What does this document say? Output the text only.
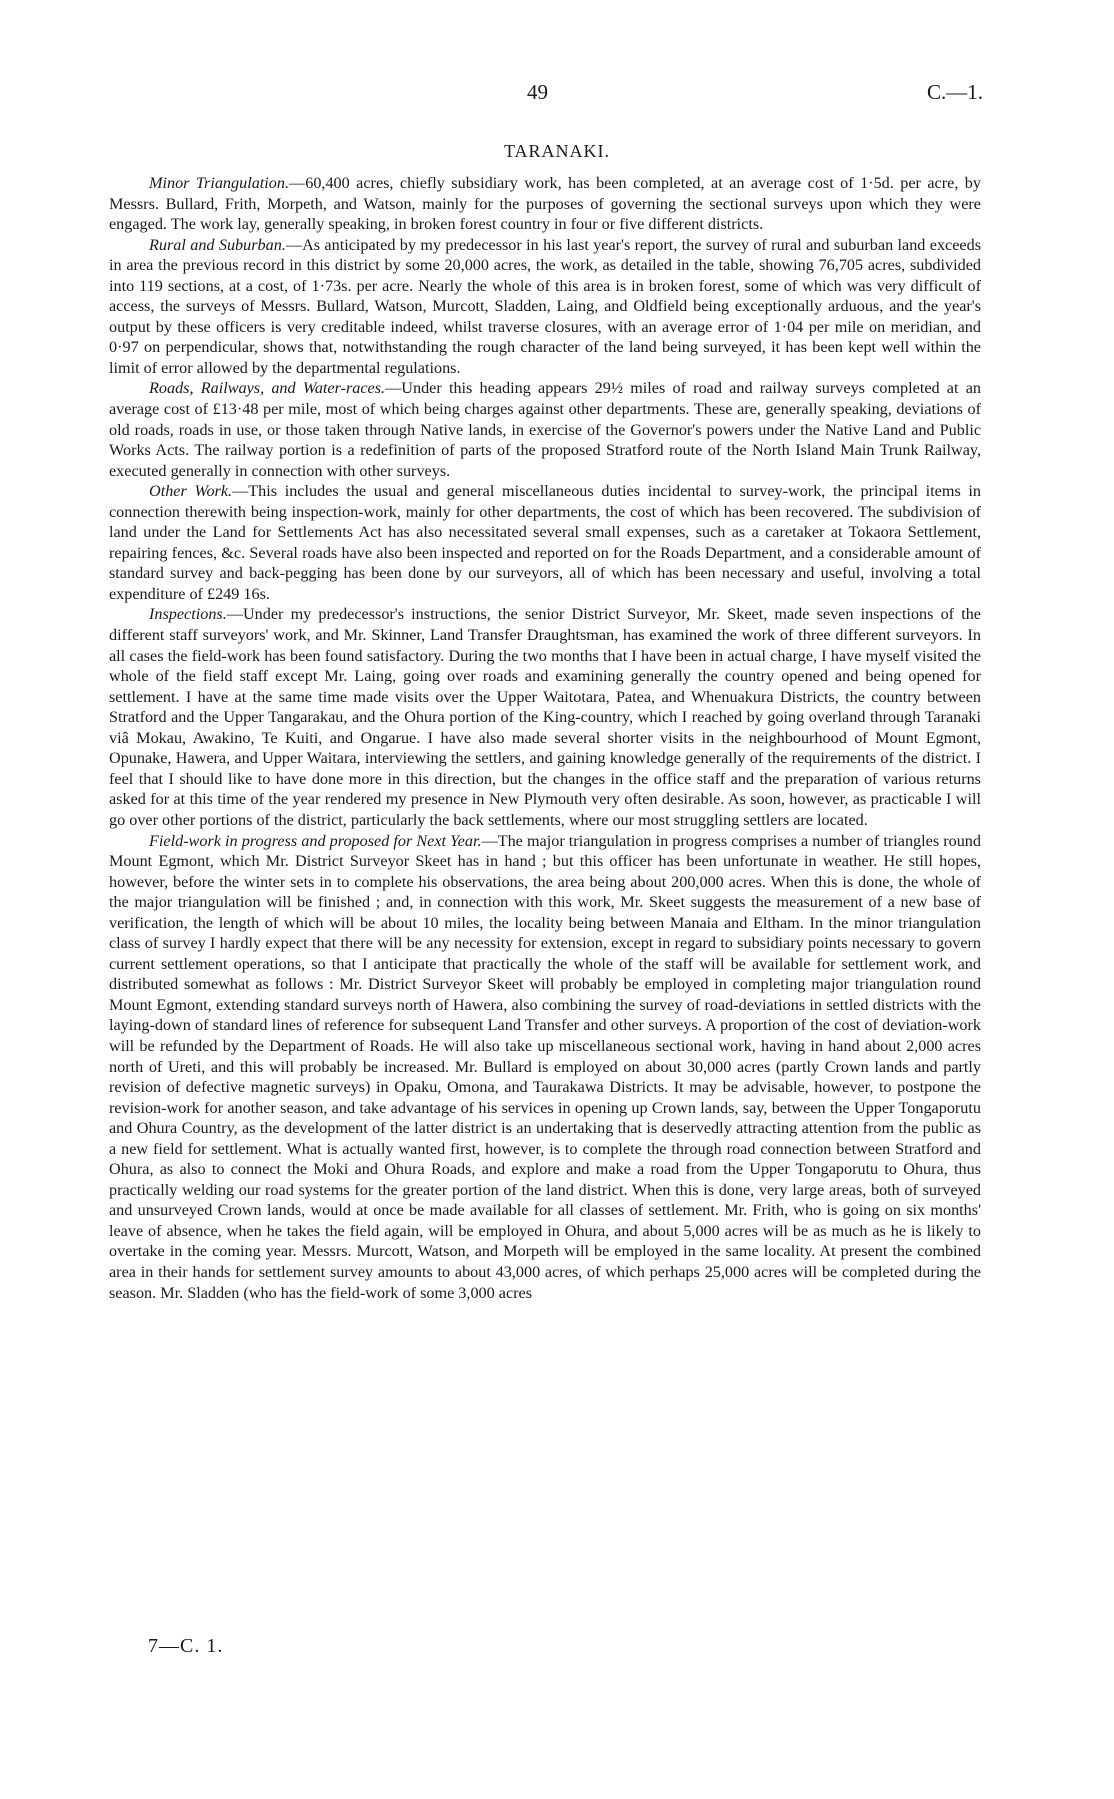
49	C.—1.
TARANAKI.

Minor Triangulation.—60,400 acres, chiefly subsidiary work, has been completed, at an average cost of 1·5d. per acre, by Messrs. Bullard, Frith, Morpeth, and Watson, mainly for the purposes of governing the sectional surveys upon which they were engaged. The work lay, generally speaking, in broken forest country in four or five different districts.

Rural and Suburban.—As anticipated by my predecessor in his last year's report, the survey of rural and suburban land exceeds in area the previous record in this district by some 20,000 acres, the work, as detailed in the table, showing 76,705 acres, subdivided into 119 sections, at a cost, of 1·73s. per acre. Nearly the whole of this area is in broken forest, some of which was very difficult of access, the surveys of Messrs. Bullard, Watson, Murcott, Sladden, Laing, and Oldfield being exceptionally arduous, and the year's output by these officers is very creditable indeed, whilst traverse closures, with an average error of 1·04 per mile on meridian, and 0·97 on perpendicular, shows that, notwithstanding the rough character of the land being surveyed, it has been kept well within the limit of error allowed by the departmental regulations.

Roads, Railways, and Water-races.—Under this heading appears 29½ miles of road and railway surveys completed at an average cost of £13·48 per mile, most of which being charges against other departments. These are, generally speaking, deviations of old roads, roads in use, or those taken through Native lands, in exercise of the Governor's powers under the Native Land and Public Works Acts. The railway portion is a redefinition of parts of the proposed Stratford route of the North Island Main Trunk Railway, executed generally in connection with other surveys.

Other Work.—This includes the usual and general miscellaneous duties incidental to survey-work, the principal items in connection therewith being inspection-work, mainly for other departments, the cost of which has been recovered. The subdivision of land under the Land for Settlements Act has also necessitated several small expenses, such as a caretaker at Tokaora Settlement, repairing fences, &c. Several roads have also been inspected and reported on for the Roads Department, and a considerable amount of standard survey and back-pegging has been done by our surveyors, all of which has been necessary and useful, involving a total expenditure of £249 16s.

Inspections.—Under my predecessor's instructions, the senior District Surveyor, Mr. Skeet, made seven inspections of the different staff surveyors' work, and Mr. Skinner, Land Transfer Draughtsman, has examined the work of three different surveyors. In all cases the field-work has been found satisfactory. During the two months that I have been in actual charge, I have myself visited the whole of the field staff except Mr. Laing, going over roads and examining generally the country opened and being opened for settlement. I have at the same time made visits over the Upper Waitotara, Patea, and Whenuakura Districts, the country between Stratford and the Upper Tangarakau, and the Ohura portion of the King-country, which I reached by going overland through Taranaki viâ Mokau, Awakino, Te Kuiti, and Ongarue. I have also made several shorter visits in the neighbourhood of Mount Egmont, Opunake, Hawera, and Upper Waitara, interviewing the settlers, and gaining knowledge generally of the requirements of the district. I feel that I should like to have done more in this direction, but the changes in the office staff and the preparation of various returns asked for at this time of the year rendered my presence in New Plymouth very often desirable. As soon, however, as practicable I will go over other portions of the district, particularly the back settlements, where our most struggling settlers are located.

Field-work in progress and proposed for Next Year.—The major triangulation in progress comprises a number of triangles round Mount Egmont, which Mr. District Surveyor Skeet has in hand ; but this officer has been unfortunate in weather. He still hopes, however, before the winter sets in to complete his observations, the area being about 200,000 acres. When this is done, the whole of the major triangulation will be finished ; and, in connection with this work, Mr. Skeet suggests the measurement of a new base of verification, the length of which will be about 10 miles, the locality being between Manaia and Eltham. In the minor triangulation class of survey I hardly expect that there will be any necessity for extension, except in regard to subsidiary points necessary to govern current settlement operations, so that I anticipate that practically the whole of the staff will be available for settlement work, and distributed somewhat as follows : Mr. District Surveyor Skeet will probably be employed in completing major triangulation round Mount Egmont, extending standard surveys north of Hawera, also combining the survey of road-deviations in settled districts with the laying-down of standard lines of reference for subsequent Land Transfer and other surveys. A proportion of the cost of deviation-work will be refunded by the Department of Roads. He will also take up miscellaneous sectional work, having in hand about 2,000 acres north of Ureti, and this will probably be increased. Mr. Bullard is employed on about 30,000 acres (partly Crown lands and partly revision of defective magnetic surveys) in Opaku, Omona, and Taurakawa Districts. It may be advisable, however, to postpone the revision-work for another season, and take advantage of his services in opening up Crown lands, say, between the Upper Tongaporutu and Ohura Country, as the development of the latter district is an undertaking that is deservedly attracting attention from the public as a new field for settlement. What is actually wanted first, however, is to complete the through road connection between Stratford and Ohura, as also to connect the Moki and Ohura Roads, and explore and make a road from the Upper Tongaporutu to Ohura, thus practically welding our road systems for the greater portion of the land district. When this is done, very large areas, both of surveyed and unsurveyed Crown lands, would at once be made available for all classes of settlement. Mr. Frith, who is going on six months' leave of absence, when he takes the field again, will be employed in Ohura, and about 5,000 acres will be as much as he is likely to overtake in the coming year. Messrs. Murcott, Watson, and Morpeth will be employed in the same locality. At present the combined area in their hands for settlement survey amounts to about 43,000 acres, of which perhaps 25,000 acres will be completed during the season. Mr. Sladden (who has the field-work of some 3,000 acres

7—C. 1.
